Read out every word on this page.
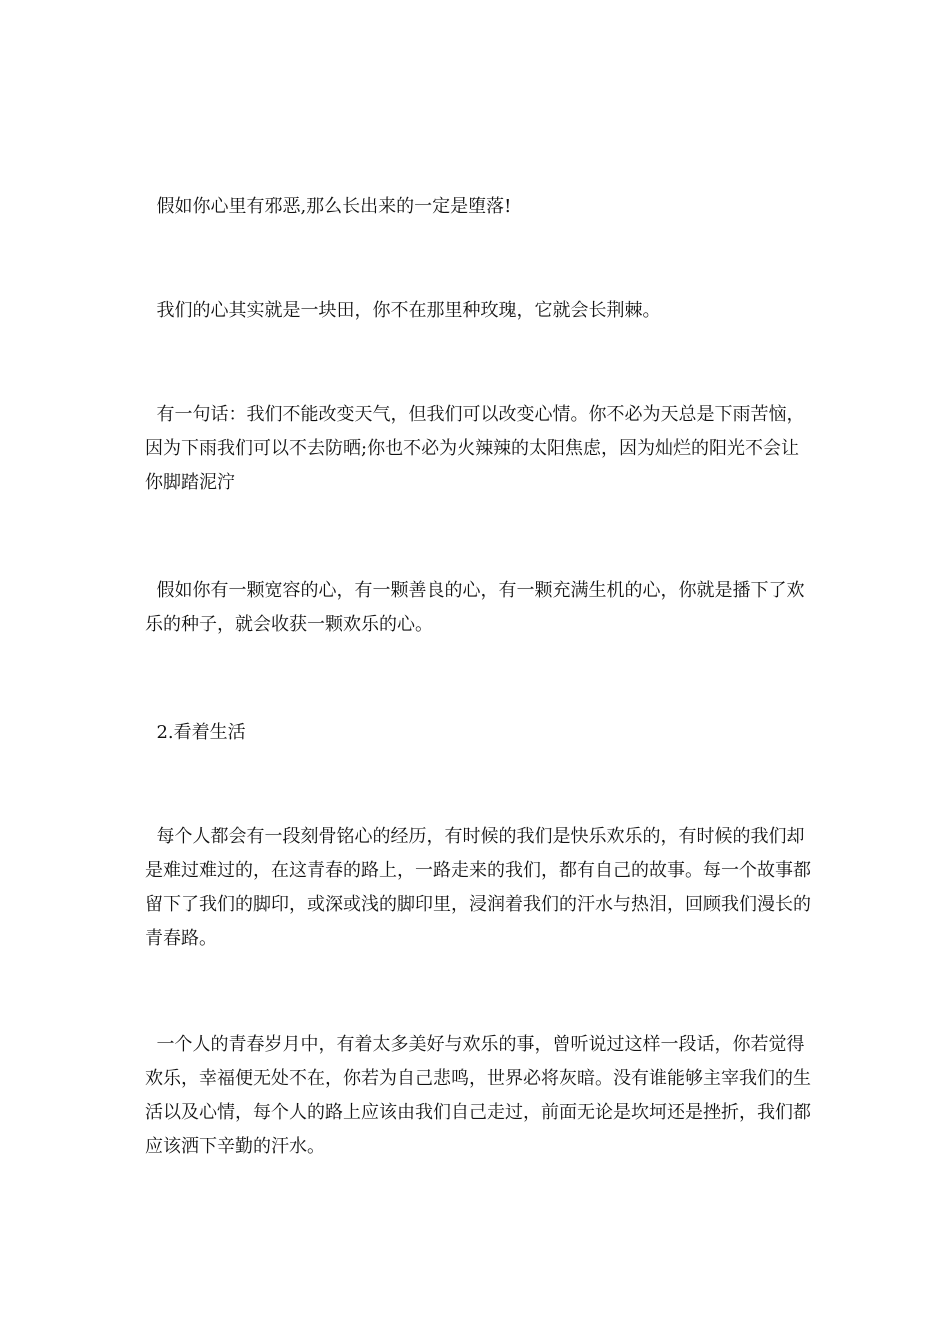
假如你心里有邪恶,那么长出来的一定是堕落!

我们的心其实就是一块田，你不在那里种玫瑰，它就会长荆棘。

有一句话：我们不能改变天气，但我们可以改变心情。你不必为天总是下雨苦恼，因为下雨我们可以不去防晒;你也不必为火辣辣的太阳焦虑，因为灿烂的阳光不会让你脚踏泥泞

假如你有一颗宽容的心，有一颗善良的心，有一颗充满生机的心，你就是播下了欢乐的种子，就会收获一颗欢乐的心。

2.看着生活

每个人都会有一段刻骨铭心的经历，有时候的我们是快乐欢乐的，有时候的我们却是难过难过的，在这青春的路上，一路走来的我们，都有自己的故事。每一个故事都留下了我们的脚印，或深或浅的脚印里，浸润着我们的汗水与热泪，回顾我们漫长的青春路。

一个人的青春岁月中，有着太多美好与欢乐的事，曾听说过这样一段话，你若觉得欢乐，幸福便无处不在，你若为自己悲鸣，世界必将灰暗。没有谁能够主宰我们的生活以及心情，每个人的路上应该由我们自己走过，前面无论是坎坷还是挫折，我们都应该洒下辛勤的汗水。
